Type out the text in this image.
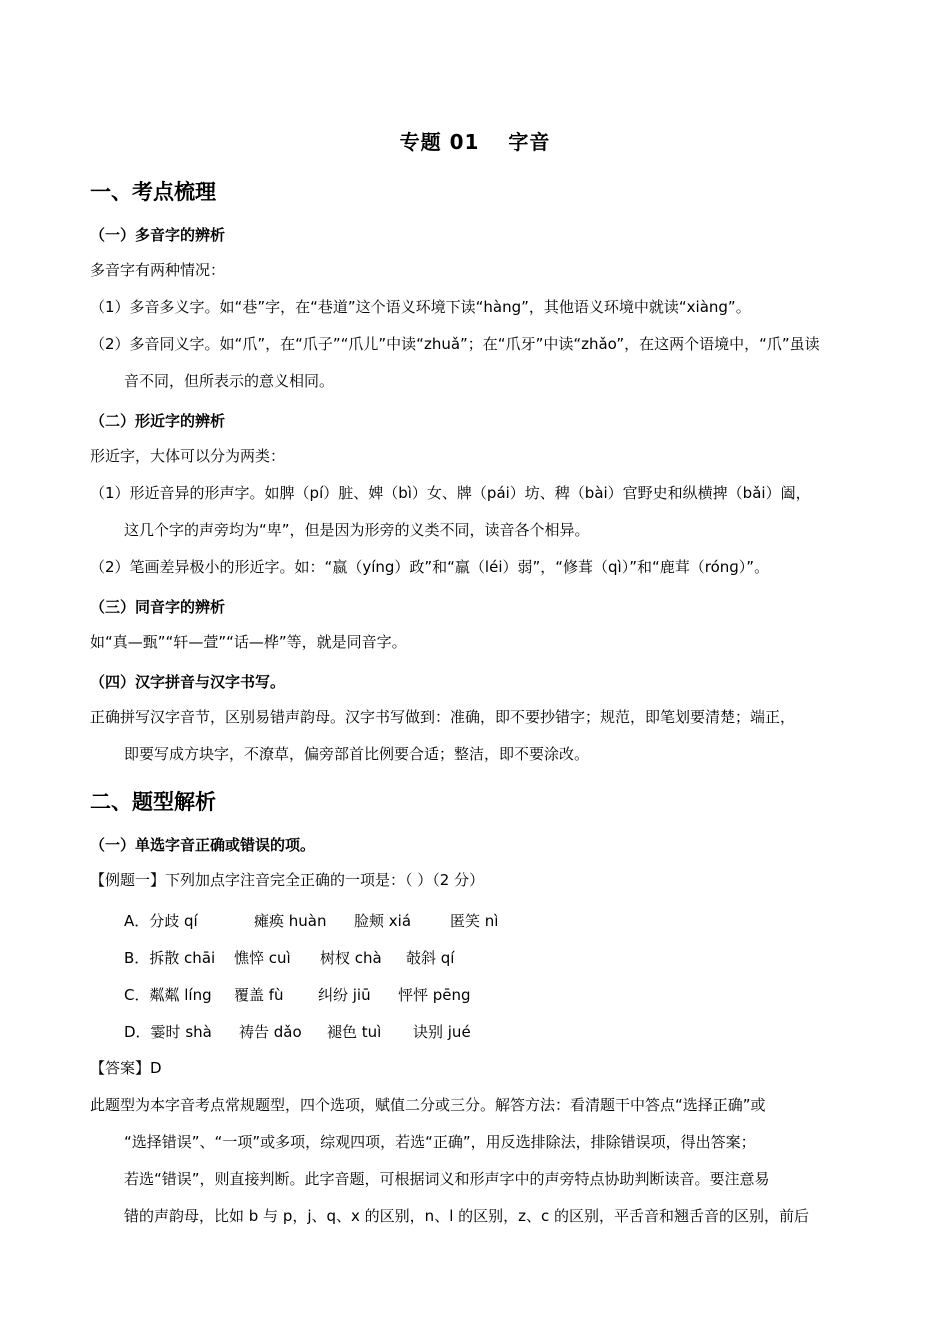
专题 01　 字音
一、考点梳理
（一）多音字的辨析
多音字有两种情况：
（1）多音多义字。如“巷”字，在“巷道”这个语义环境下读“hàng”，其他语义环境中就读“xiàng”。
（2）多音同义字。如“爪”，在“爪子”“爪儿”中读“zhuǎ”；在“爪牙”中读“zhǎo”，在这两个语境中，“爪”虽读
音不同，但所表示的意义相同。
（二）形近字的辨析
形近字，大体可以分为两类：
（1）形近音异的形声字。如脾（pí）脏、婢（bì）女、牌（pái）坊、稗（bài）官野史和纵横捭（bǎi）阖，
这几个字的声旁均为“卑”，但是因为形旁的义类不同，读音各个相异。
（2）笔画差异极小的形近字。如：“嬴（yíng）政”和“羸（léi）弱”，“修葺（qì）”和“鹿茸（rónɡ）”。
（三）同音字的辨析
如“真—甄”“轩—萱”“话—桦”等，就是同音字。
（四）汉字拼音与汉字书写。
正确拼写汉字音节，区别易错声韵母。汉字书写做到：准确，即不要抄错字；规范，即笔划要清楚；端正，
即要写成方块字，不潦草，偏旁部首比例要合适；整洁，即不要涂改。
二、题型解析
（一）单选字音正确或错误的项。
【例题一】下列加点字注音完全正确的一项是：（ ）（2 分）
A．分歧 qí	瘫痪 huàn 脸颊 xiá	匿笑 nì
B．拆散 chāi 憔悴 cuì 树杈 chà 攲斜 qí
C．粼粼 líng 覆盖 fù 纠纷 jiū 怦怦 pēng
D．霎时 shà 祷告 dǎo 褪色 tuì 诀别 jué
【答案】D
此题型为本字音考点常规题型，四个选项，赋值二分或三分。解答方法：看清题干中答点“选择正确”或
“选择错误”、“一项”或多项，综观四项，若选“正确”，用反选排除法，排除错误项，得出答案；
若选“错误”，则直接判断。此字音题，可根据词义和形声字中的声旁特点协助判断读音。要注意易
错的声韵母，比如 b 与 p，j、q、x 的区别，n、l 的区别，z、c 的区别，平舌音和翘舌音的区别，前后
